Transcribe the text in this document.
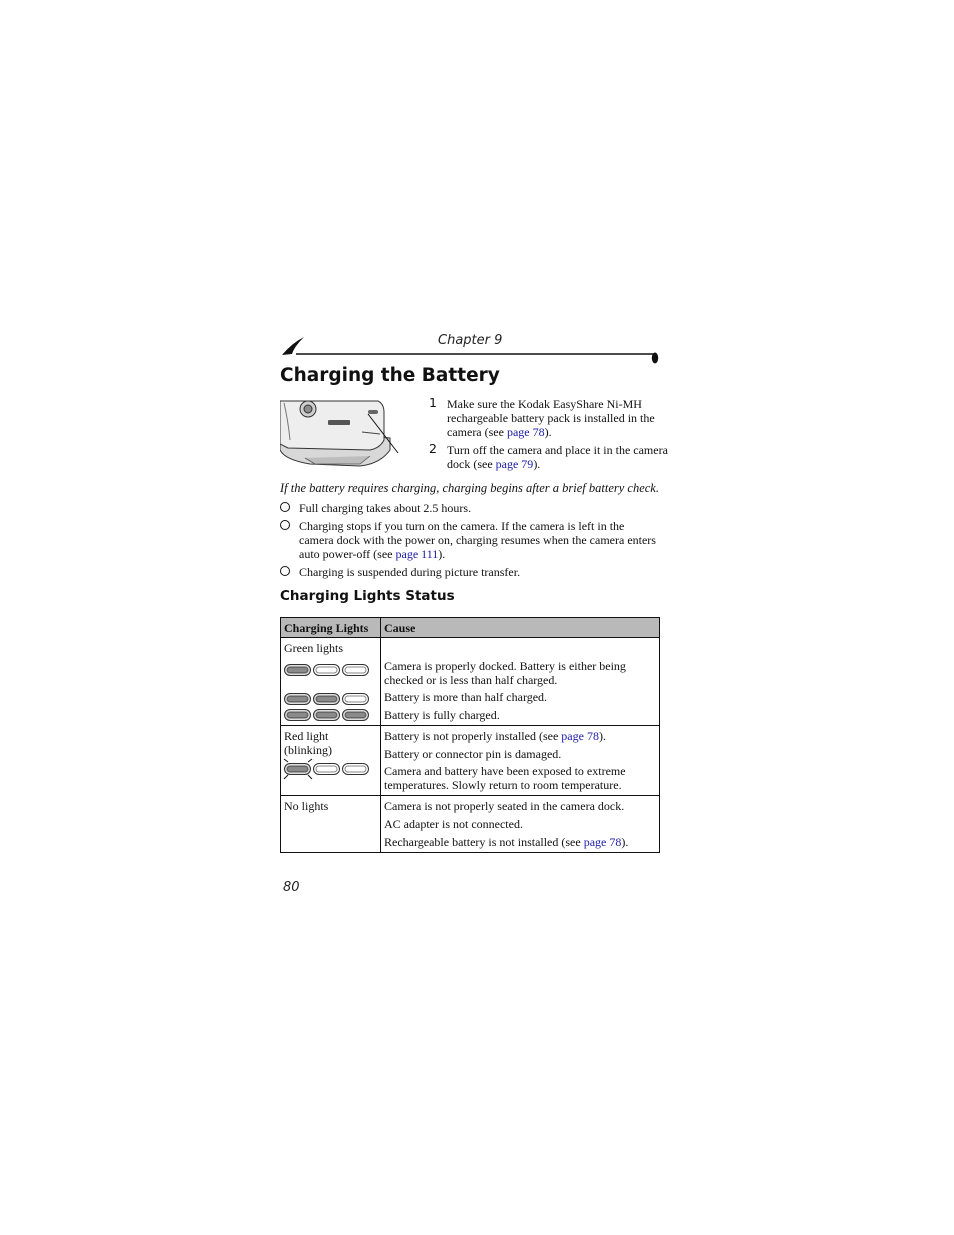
Chapter 9
Charging the Battery
1 Make sure the Kodak EasyShare Ni-MH rechargeable battery pack is installed in the camera (see page 78).
2 Turn off the camera and place it in the camera dock (see page 79).
If the battery requires charging, charging begins after a brief battery check.
Full charging takes about 2.5 hours.
Charging stops if you turn on the camera. If the camera is left in the camera dock with the power on, charging resumes when the camera enters auto power-off (see page 111).
Charging is suspended during picture transfer.
Charging Lights Status
Charging Lights	Cause
Green lights	Camera is properly docked. Battery is either being checked or is less than half charged.
Battery is more than half charged.
Battery is fully charged.

Red light (blinking)	Battery is not properly installed (see page 78).
Battery or connector pin is damaged.
Camera and battery have been exposed to extreme temperatures. Slowly return to room temperature.

No lights	Camera is not properly seated in the camera dock.
AC adapter is not connected.
Rechargeable battery is not installed (see page 78).
80
